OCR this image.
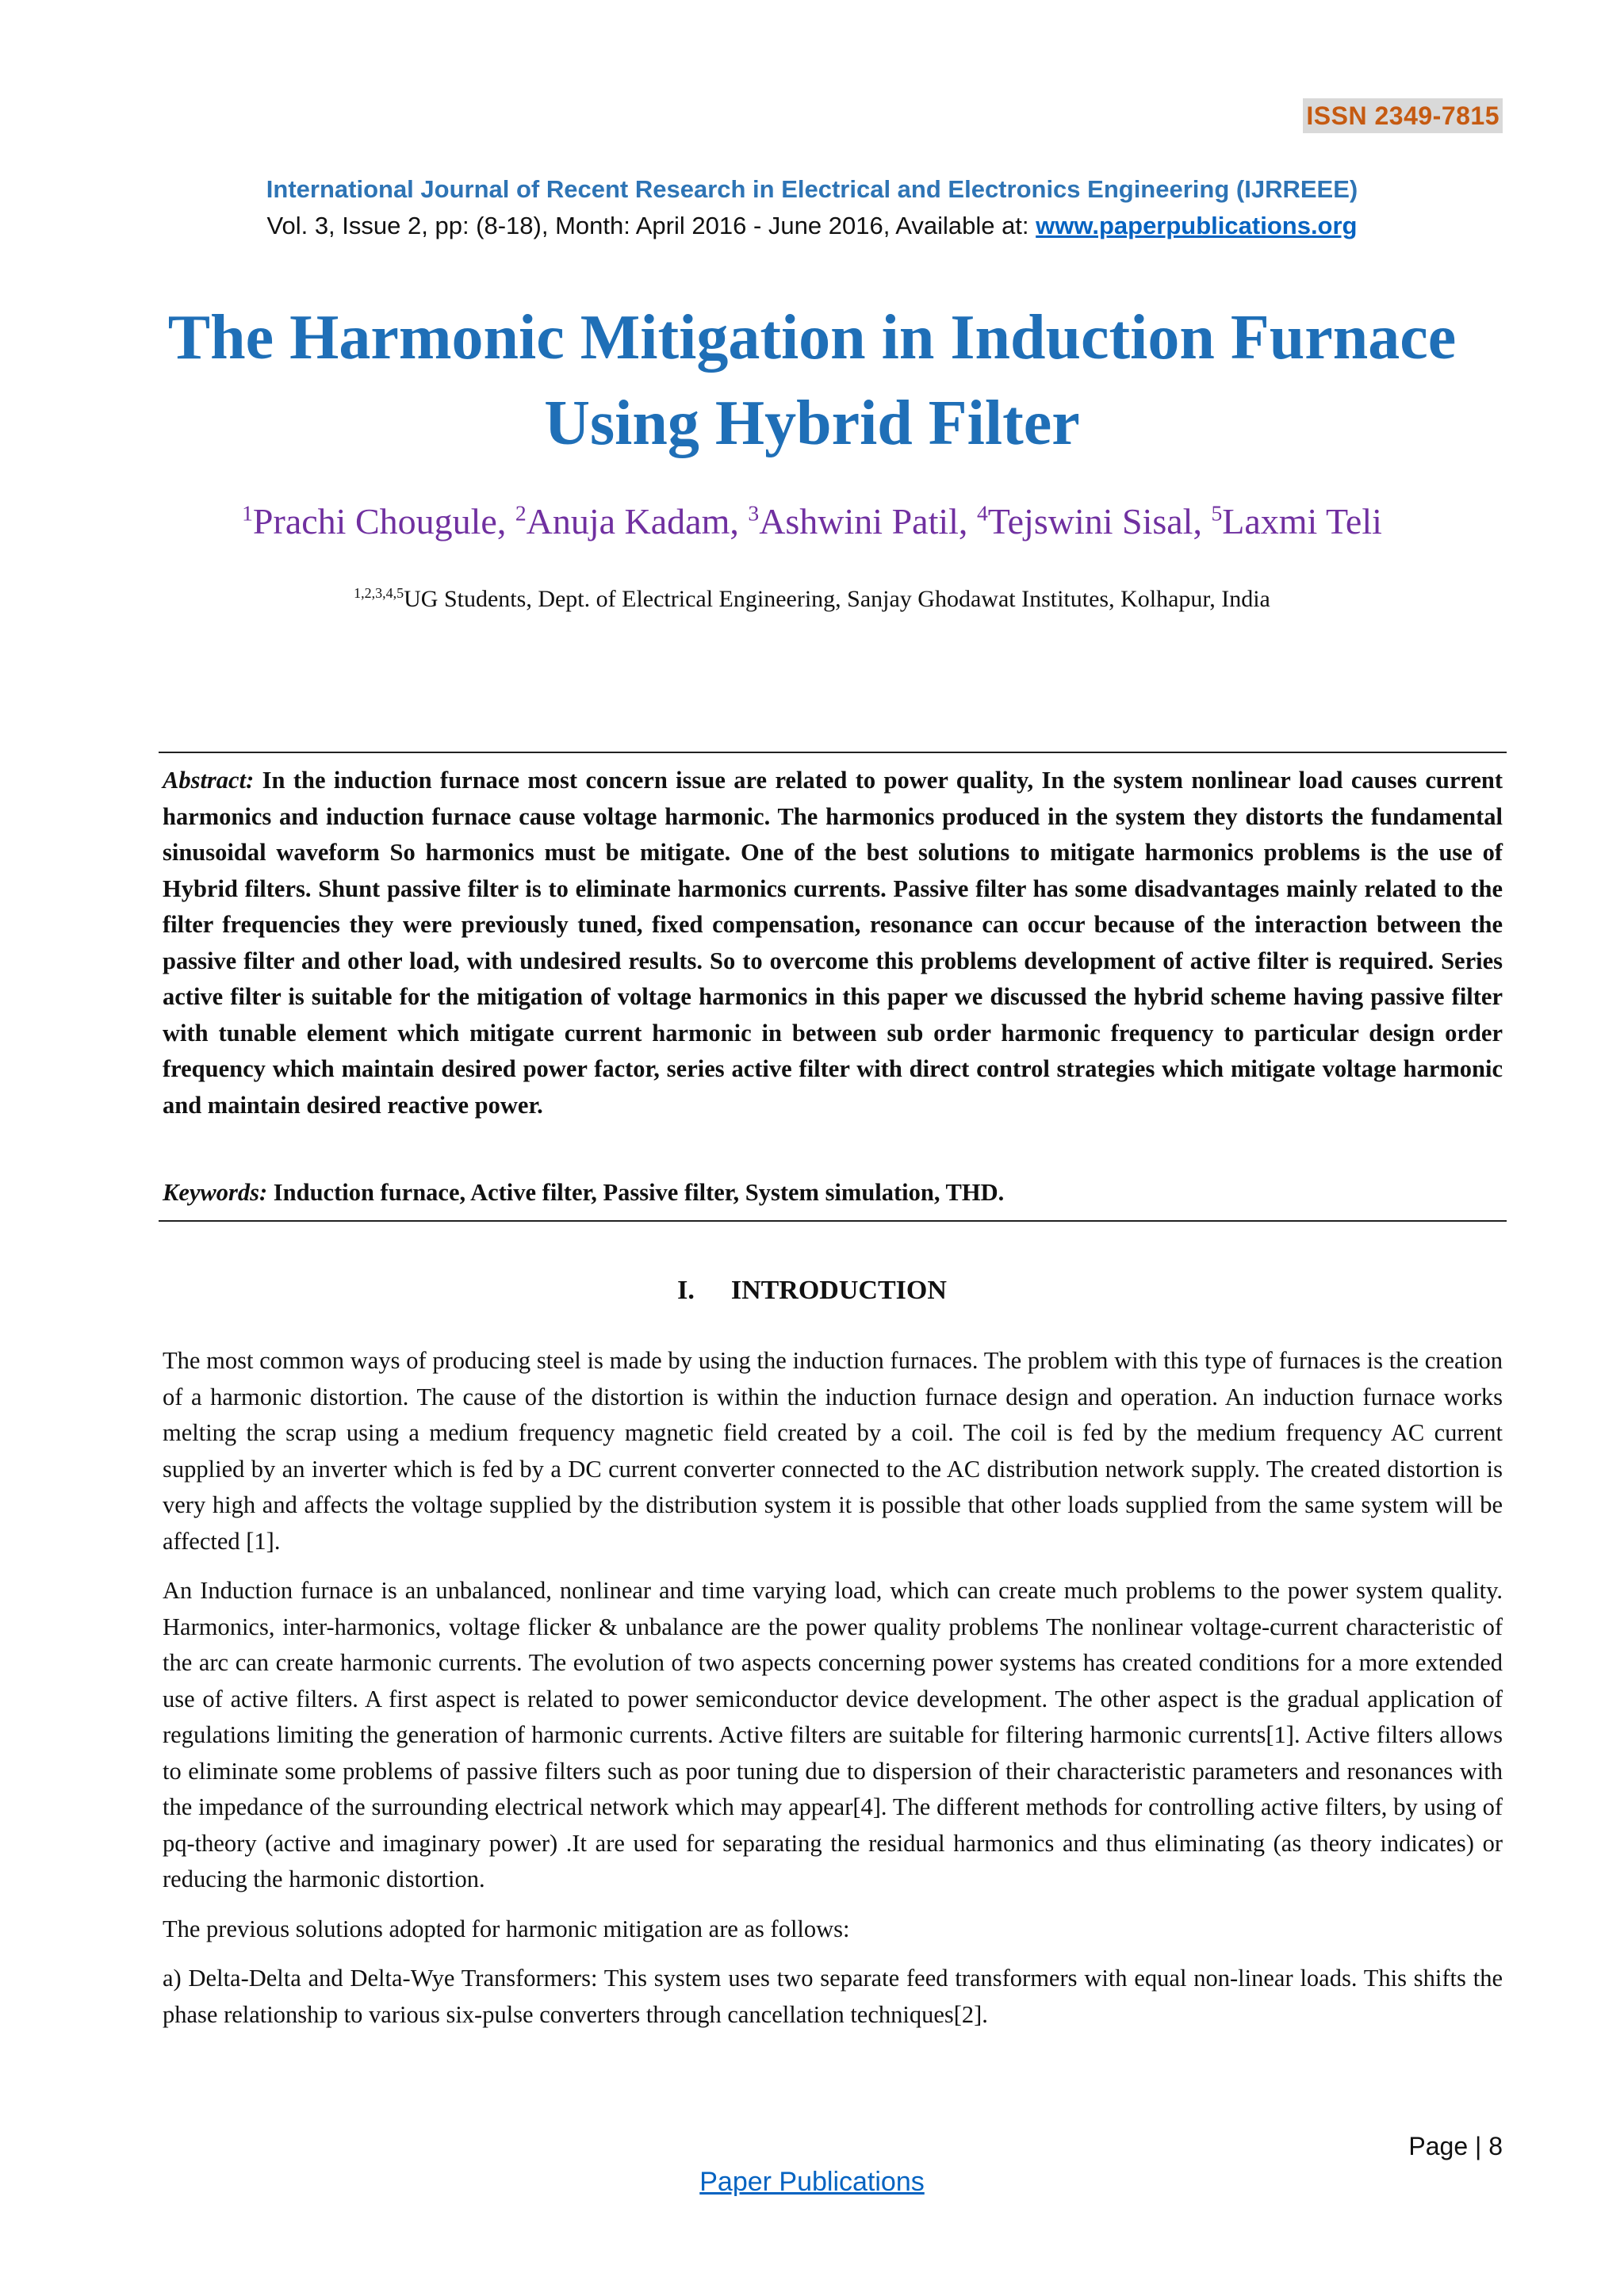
ISSN 2349-7815
International Journal of Recent Research in Electrical and Electronics Engineering (IJRREEE)
Vol. 3, Issue 2, pp: (8-18), Month: April 2016 - June 2016, Available at: www.paperpublications.org
The Harmonic Mitigation in Induction Furnace
Using Hybrid Filter
$^1$Prachi Chougule, $^2$Anuja Kadam, $^3$Ashwini Patil, $^4$Tejswini Sisal, $^5$Laxmi Teli
$^{1,2,3,4,5}$UG Students, Dept. of Electrical Engineering, Sanjay Ghodawat Institutes, Kolhapur, India
Abstract: In the induction furnace most concern issue are related to power quality, In the system nonlinear load causes current harmonics and induction furnace cause voltage harmonic. The harmonics produced in the system they distorts the fundamental sinusoidal waveform So harmonics must be mitigate. One of the best solutions to mitigate harmonics problems is the use of Hybrid filters. Shunt passive filter is to eliminate harmonics currents. Passive filter has some disadvantages mainly related to the filter frequencies they were previously tuned, fixed compensation, resonance can occur because of the interaction between the passive filter and other load, with undesired results. So to overcome this problems development of active filter is required. Series active filter is suitable for the mitigation of voltage harmonics in this paper we discussed the hybrid scheme having passive filter with tunable element which mitigate current harmonic in between sub order harmonic frequency to particular design order frequency which maintain desired power factor, series active filter with direct control strategies which mitigate voltage harmonic and maintain desired reactive power.
Keywords: Induction furnace, Active filter, Passive filter, System simulation, THD.
I. INTRODUCTION

The most common ways of producing steel is made by using the induction furnaces. The problem with this type of furnaces is the creation of a harmonic distortion. The cause of the distortion is within the induction furnace design and operation. An induction furnace works melting the scrap using a medium frequency magnetic field created by a coil. The coil is fed by the medium frequency AC current supplied by an inverter which is fed by a DC current converter connected to the AC distribution network supply. The created distortion is very high and affects the voltage supplied by the distribution system it is possible that other loads supplied from the same system will be affected [1].

An Induction furnace is an unbalanced, nonlinear and time varying load, which can create much problems to the power system quality. Harmonics, inter-harmonics, voltage flicker & unbalance are the power quality problems The nonlinear voltage-current characteristic of the arc can create harmonic currents. The evolution of two aspects concerning power systems has created conditions for a more extended use of active filters. A first aspect is related to power semiconductor device development. The other aspect is the gradual application of regulations limiting the generation of harmonic currents. Active filters are suitable for filtering harmonic currents[1]. Active filters allows to eliminate some problems of passive filters such as poor tuning due to dispersion of their characteristic parameters and resonances with the impedance of the surrounding electrical network which may appear[4]. The different methods for controlling active filters, by using of pq-theory (active and imaginary power) .It are used for separating the residual harmonics and thus eliminating (as theory indicates) or reducing the harmonic distortion.

The previous solutions adopted for harmonic mitigation are as follows:

a) Delta-Delta and Delta-Wye Transformers: This system uses two separate feed transformers with equal non-linear loads. This shifts the phase relationship to various six-pulse converters through cancellation techniques[2].

Page | 8
Paper Publications
